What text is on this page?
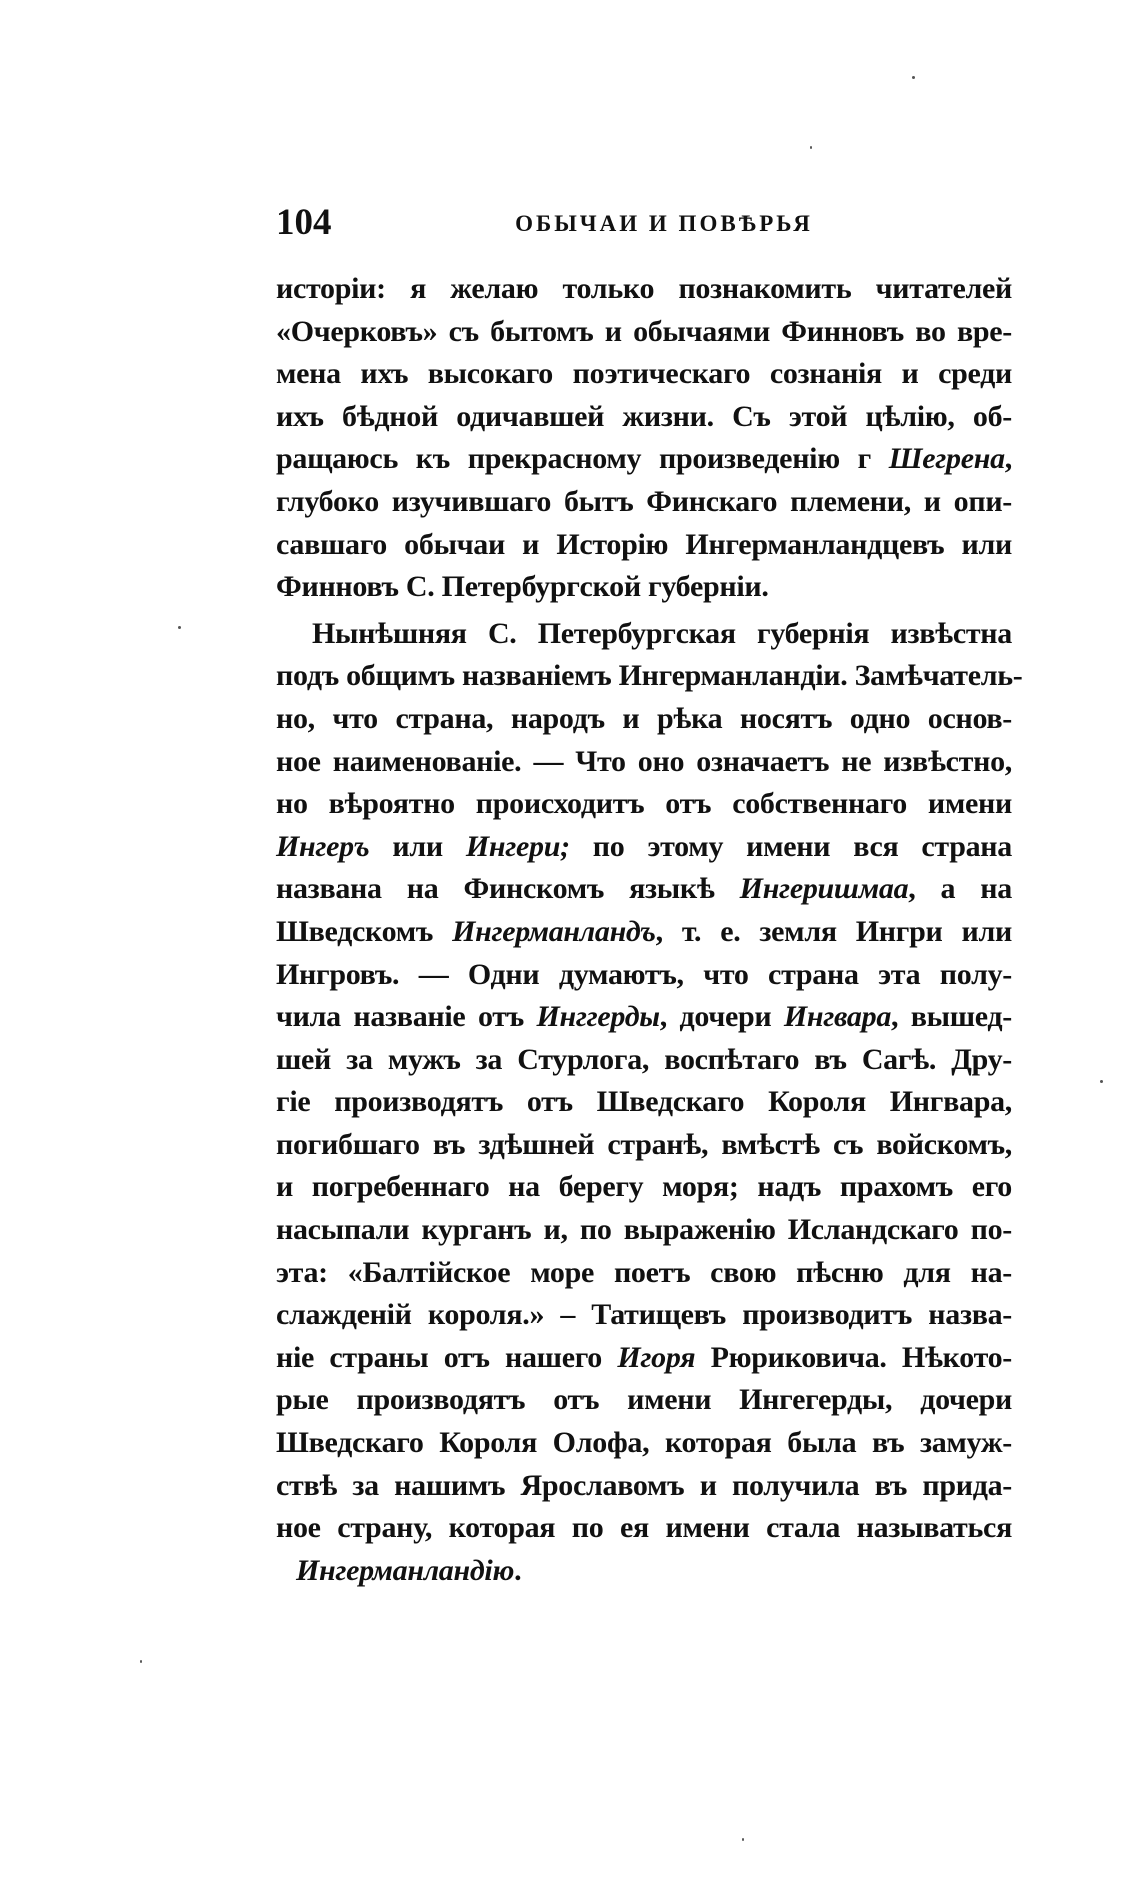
104	ОБЫЧАИ И ПОВѢРЬЯ
исторіи: я желаю только познакомить читателей
«Очерковъ» съ бытомъ и обычаями Финновъ во вре-
мена ихъ высокаго поэтическаго сознанія и среди
ихъ бѣдной одичавшей жизни. Съ этой цѣлію, об-
ращаюсь къ прекрасному произведенію г Шегрена,
глубоко изучившаго бытъ Финскаго племени, и опи-
савшаго обычаи и Исторію Ингерманландцевъ или
Финновъ С. Петербургской губерніи.
Нынѣшняя С. Петербургская губернія извѣстна
подъ общимъ названіемъ Ингерманландіи. Замѣчатель-
но, что страна, народъ и рѣка носятъ одно основ-
ное наименованіе. — Что оно означаетъ не извѣстно,
но вѣроятно происходитъ отъ собственнаго имени
Ингеръ или Ингери; по этому имени вся страна
названа на Финскомъ языкѣ Ингеришмаа, а на
Шведскомъ Ингерманландъ, т. е. земля Ингри или
Ингровъ. — Одни думаютъ, что страна эта полу-
чила названіе отъ Инггерды, дочери Ингвара, вышед-
шей за мужъ за Стурлога, воспѣтаго въ Сагѣ. Дру-
гіе производятъ отъ Шведскаго Короля Ингвара,
погибшаго въ здѣшней странѣ, вмѣстѣ съ войскомъ,
и погребеннаго на берегу моря; надъ прахомъ его
насыпали курганъ и, по выраженію Исландскаго по-
эта: «Балтійское море поетъ свою пѣсню для на-
слажденій короля.» – Татищевъ производитъ назва-
ніе страны отъ нашего Игоря Рюриковича. Нѣкото-
рые производятъ отъ имени Ингегерды, дочери
Шведскаго Короля Олофа, которая была въ замуж-
ствѣ за нашимъ Ярославомъ и получила въ прида-
ное страну, которая по ея имени стала называться
Ингерманландію.
